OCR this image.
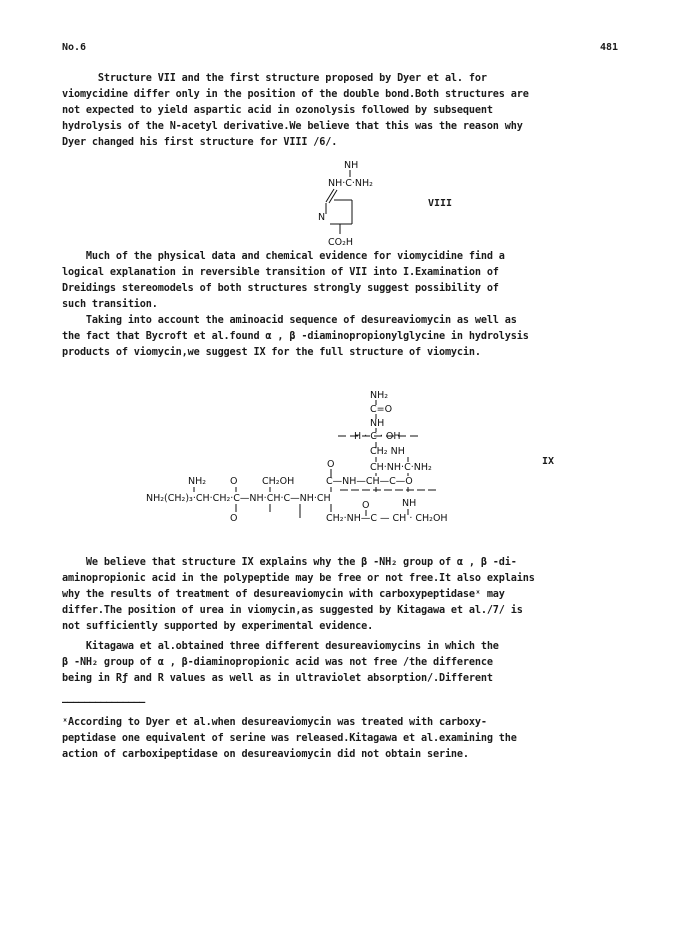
No.6	481
Structure VII and the first structure proposed by Dyer et al. for
viomycidine differ only in the position of the double bond.Both structures are
not expected to yield aspartic acid in ozonolysis followed by subsequent
hydrolysis of the N-acetyl derivative.We believe that this was the reason why
Dyer changed his first structure for VIII /6/.
NH
NH·C·NH₂
N
CO₂H
VIII
Much of the physical data and chemical evidence for viomycidine find a
logical explanation in reversible transition of VII into I.Examination of
Dreidings stereomodels of both structures strongly suggest possibility of
such transition.
Taking into account the aminoacid sequence of desureaviomycin as well as
the fact that Bycroft et al.found α , β -diaminopropionylglycine in hydrolysis
products of viomycin,we suggest IX for the full structure of viomycin.
NH₂
C=O
NH
H · C · OH
CH₂ NH
O	CH·NH·C·NH₂
NH₂	O	CH₂OH	C—NH—CH—C—O
NH₂(CH₂)₃·CH·CH₂·C—NH·CH·C—NH·CH
O	NH
O	CH₂·NH—C — CH · CH₂OH
IX
We believe that structure IX explains why the β -NH₂ group of α , β -di-
aminopropionic acid in the polypeptide may be free or not free.It also explains
why the results of treatment of desureaviomycin with carboxypeptidaseˣ may
differ.The position of urea in viomycin,as suggested by Kitagawa et al./7/ is
not sufficiently supported by experimental evidence.
Kitagawa et al.obtained three different desureaviomycins in which the
β -NH₂ group of α , β-diaminopropionic acid was not free /the difference
being in Rƒ and R values as well as in ultraviolet absorption/.Different
———————————————
ˣAccording to Dyer et al.when desureaviomycin was treated with carboxy-
peptidase one equivalent of serine was released.Kitagawa et al.examining the
action of carboxipeptidase on desureaviomycin did not obtain serine.
